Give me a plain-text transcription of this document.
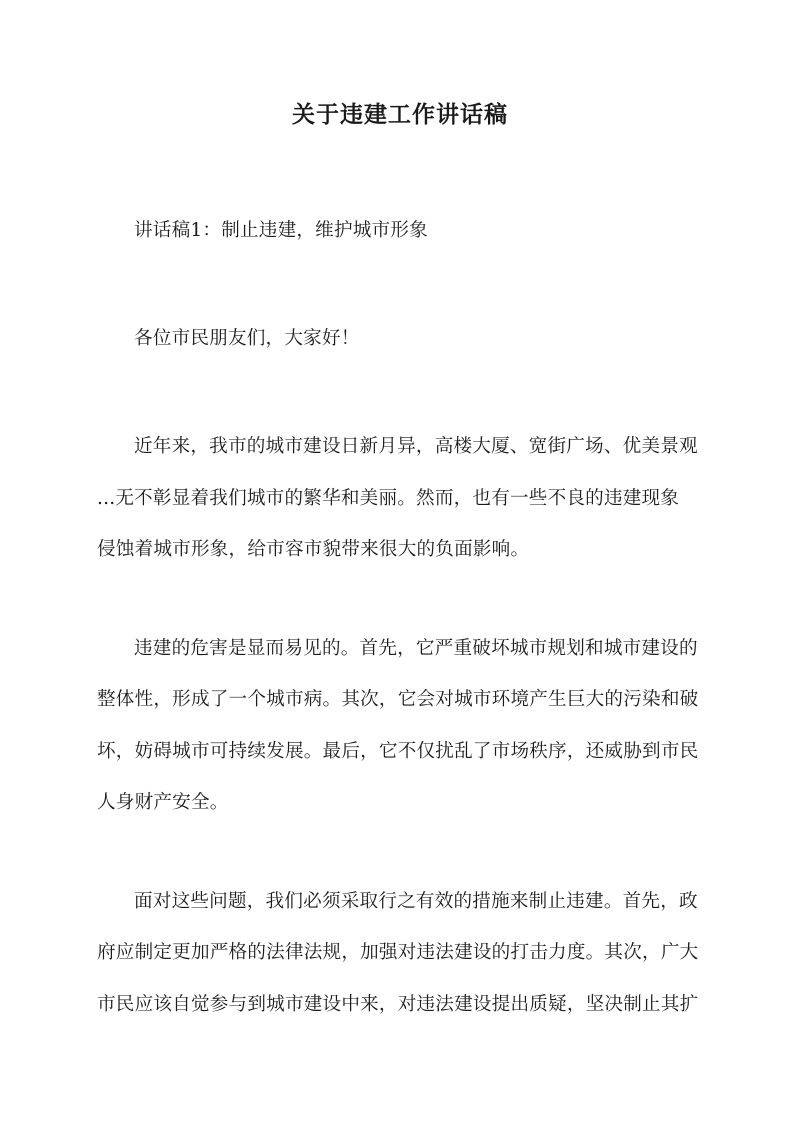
关于违建工作讲话稿
讲话稿1：制止违建，维护城市形象
各位市民朋友们，大家好！
近年来，我市的城市建设日新月异，高楼大厦、宽街广场、优美景观
...无不彰显着我们城市的繁华和美丽。然而，也有一些不良的违建现象
侵蚀着城市形象，给市容市貌带来很大的负面影响。
违建的危害是显而易见的。首先，它严重破坏城市规划和城市建设的
整体性，形成了一个城市病。其次，它会对城市环境产生巨大的污染和破
坏，妨碍城市可持续发展。最后，它不仅扰乱了市场秩序，还威胁到市民
人身财产安全。
面对这些问题，我们必须采取行之有效的措施来制止违建。首先，政
府应制定更加严格的法律法规，加强对违法建设的打击力度。其次，广大
市民应该自觉参与到城市建设中来，对违法建设提出质疑，坚决制止其扩
